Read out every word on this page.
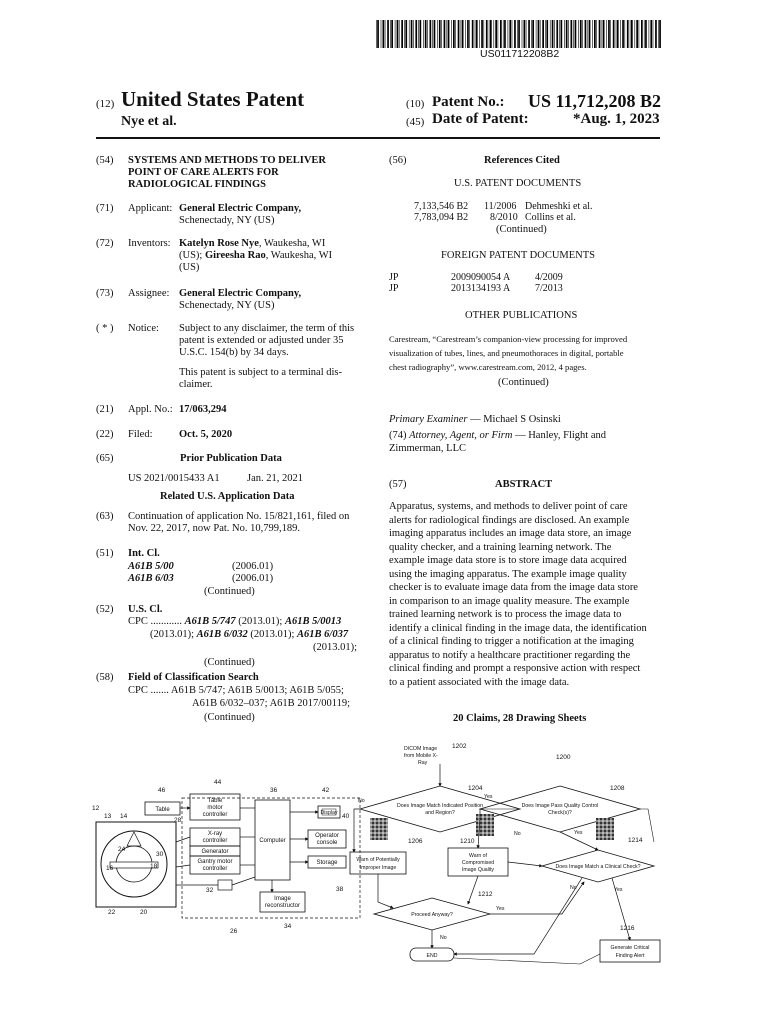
US011712208B2
(12) United States Patent
Nye et al.
(10) Patent No.: US 11,712,208 B2
(45) Date of Patent:	*Aug. 1, 2023
(54) SYSTEMS AND METHODS TO DELIVER
POINT OF CARE ALERTS FOR
RADIOLOGICAL FINDINGS
(71) Applicant: General Electric Company,
Schenectady, NY (US)
(72) Inventors: Katelyn Rose Nye, Waukesha, WI
(US); Gireesha Rao, Waukesha, WI
(US)
(73) Assignee: General Electric Company,
Schenectady, NY (US)
( * ) Notice: Subject to any disclaimer, the term of this
patent is extended or adjusted under 35
U.S.C. 154(b) by 34 days.
This patent is subject to a terminal dis-
claimer.
(21) Appl. No.: 17/063,294
(22) Filed:	Oct. 5, 2020
(65)	Prior Publication Data
US 2021/0015433 A1	Jan. 21, 2021
Related U.S. Application Data
(63) Continuation of application No. 15/821,161, filed on
Nov. 22, 2017, now Pat. No. 10,799,189.
(51) Int. Cl.
A61B 5/00	(2006.01)
A61B 6/03	(2006.01)
(Continued)
(52) U.S. Cl.
CPC ............ A61B 5/747 (2013.01); A61B 5/0013
(2013.01); A61B 6/032 (2013.01); A61B 6/037
(2013.01);
(Continued)
(58) Field of Classification Search
CPC ....... A61B 5/747; A61B 5/0013; A61B 5/055;
A61B 6/032–037; A61B 2017/00119;
(Continued)
(56)	References Cited
U.S. PATENT DOCUMENTS
7,133,546 B2 11/2006 Dehmeshki et al.
7,783,094 B2 8/2010 Collins et al.
(Continued)
FOREIGN PATENT DOCUMENTS
JP	2009090054 A 4/2009
JP	2013134193 A 7/2013
OTHER PUBLICATIONS
Carestream, “Carestream’s companion-view processing for improved
visualization of tubes, lines, and pneumothoraces in digital, portable
chest radiography”, www.carestream.com, 2012, 4 pages.
(Continued)
Primary Examiner — Michael S Osinski
(74) Attorney, Agent, or Firm — Hanley, Flight and
Zimmerman, LLC
(57)	ABSTRACT
Apparatus, systems, and methods to deliver point of care
alerts for radiological findings are disclosed. An example
imaging apparatus includes an image data store, an image
quality checker, and a training learning network. The
example image data store is to store image data acquired
using the imaging apparatus. The example image quality
checker is to evaluate image data from the image data store
in comparison to an image quality measure. The example
trained learning network is to process the image data to
identify a clinical finding in the image data, the identification
of a clinical finding to trigger a notification at the imaging
apparatus to notify a healthcare practitioner regarding the
clinical finding and prompt a responsive action with respect
to a patient associated with the image data.
20 Claims, 28 Drawing Sheets
Table
Table
motor
controller
X-ray
controller
Generator
Gantry motor
controller
Computer
Display
Operator
console
Storage
Image
reconstructor
46
44
36	42
12
13 14
28
40
24
30
16	18
32	38
22	20
26
34
DICOM Image
from Mobile X-
Ray
1202
1200
Does Image Match Indicated Position
and Region?
1204
No
Yes
Does Image Pass Quality Control
Check(s)?
1208
No	Yes
1206
Warn of Potentially
Improper Image
1210
Warn of
Compromised
Image Quality	Does Image Match a Clinical Check?
1214
No	Yes
Proceed Anyway?
1212
Yes
No
END
Generate Critical
Finding Alert
1216
